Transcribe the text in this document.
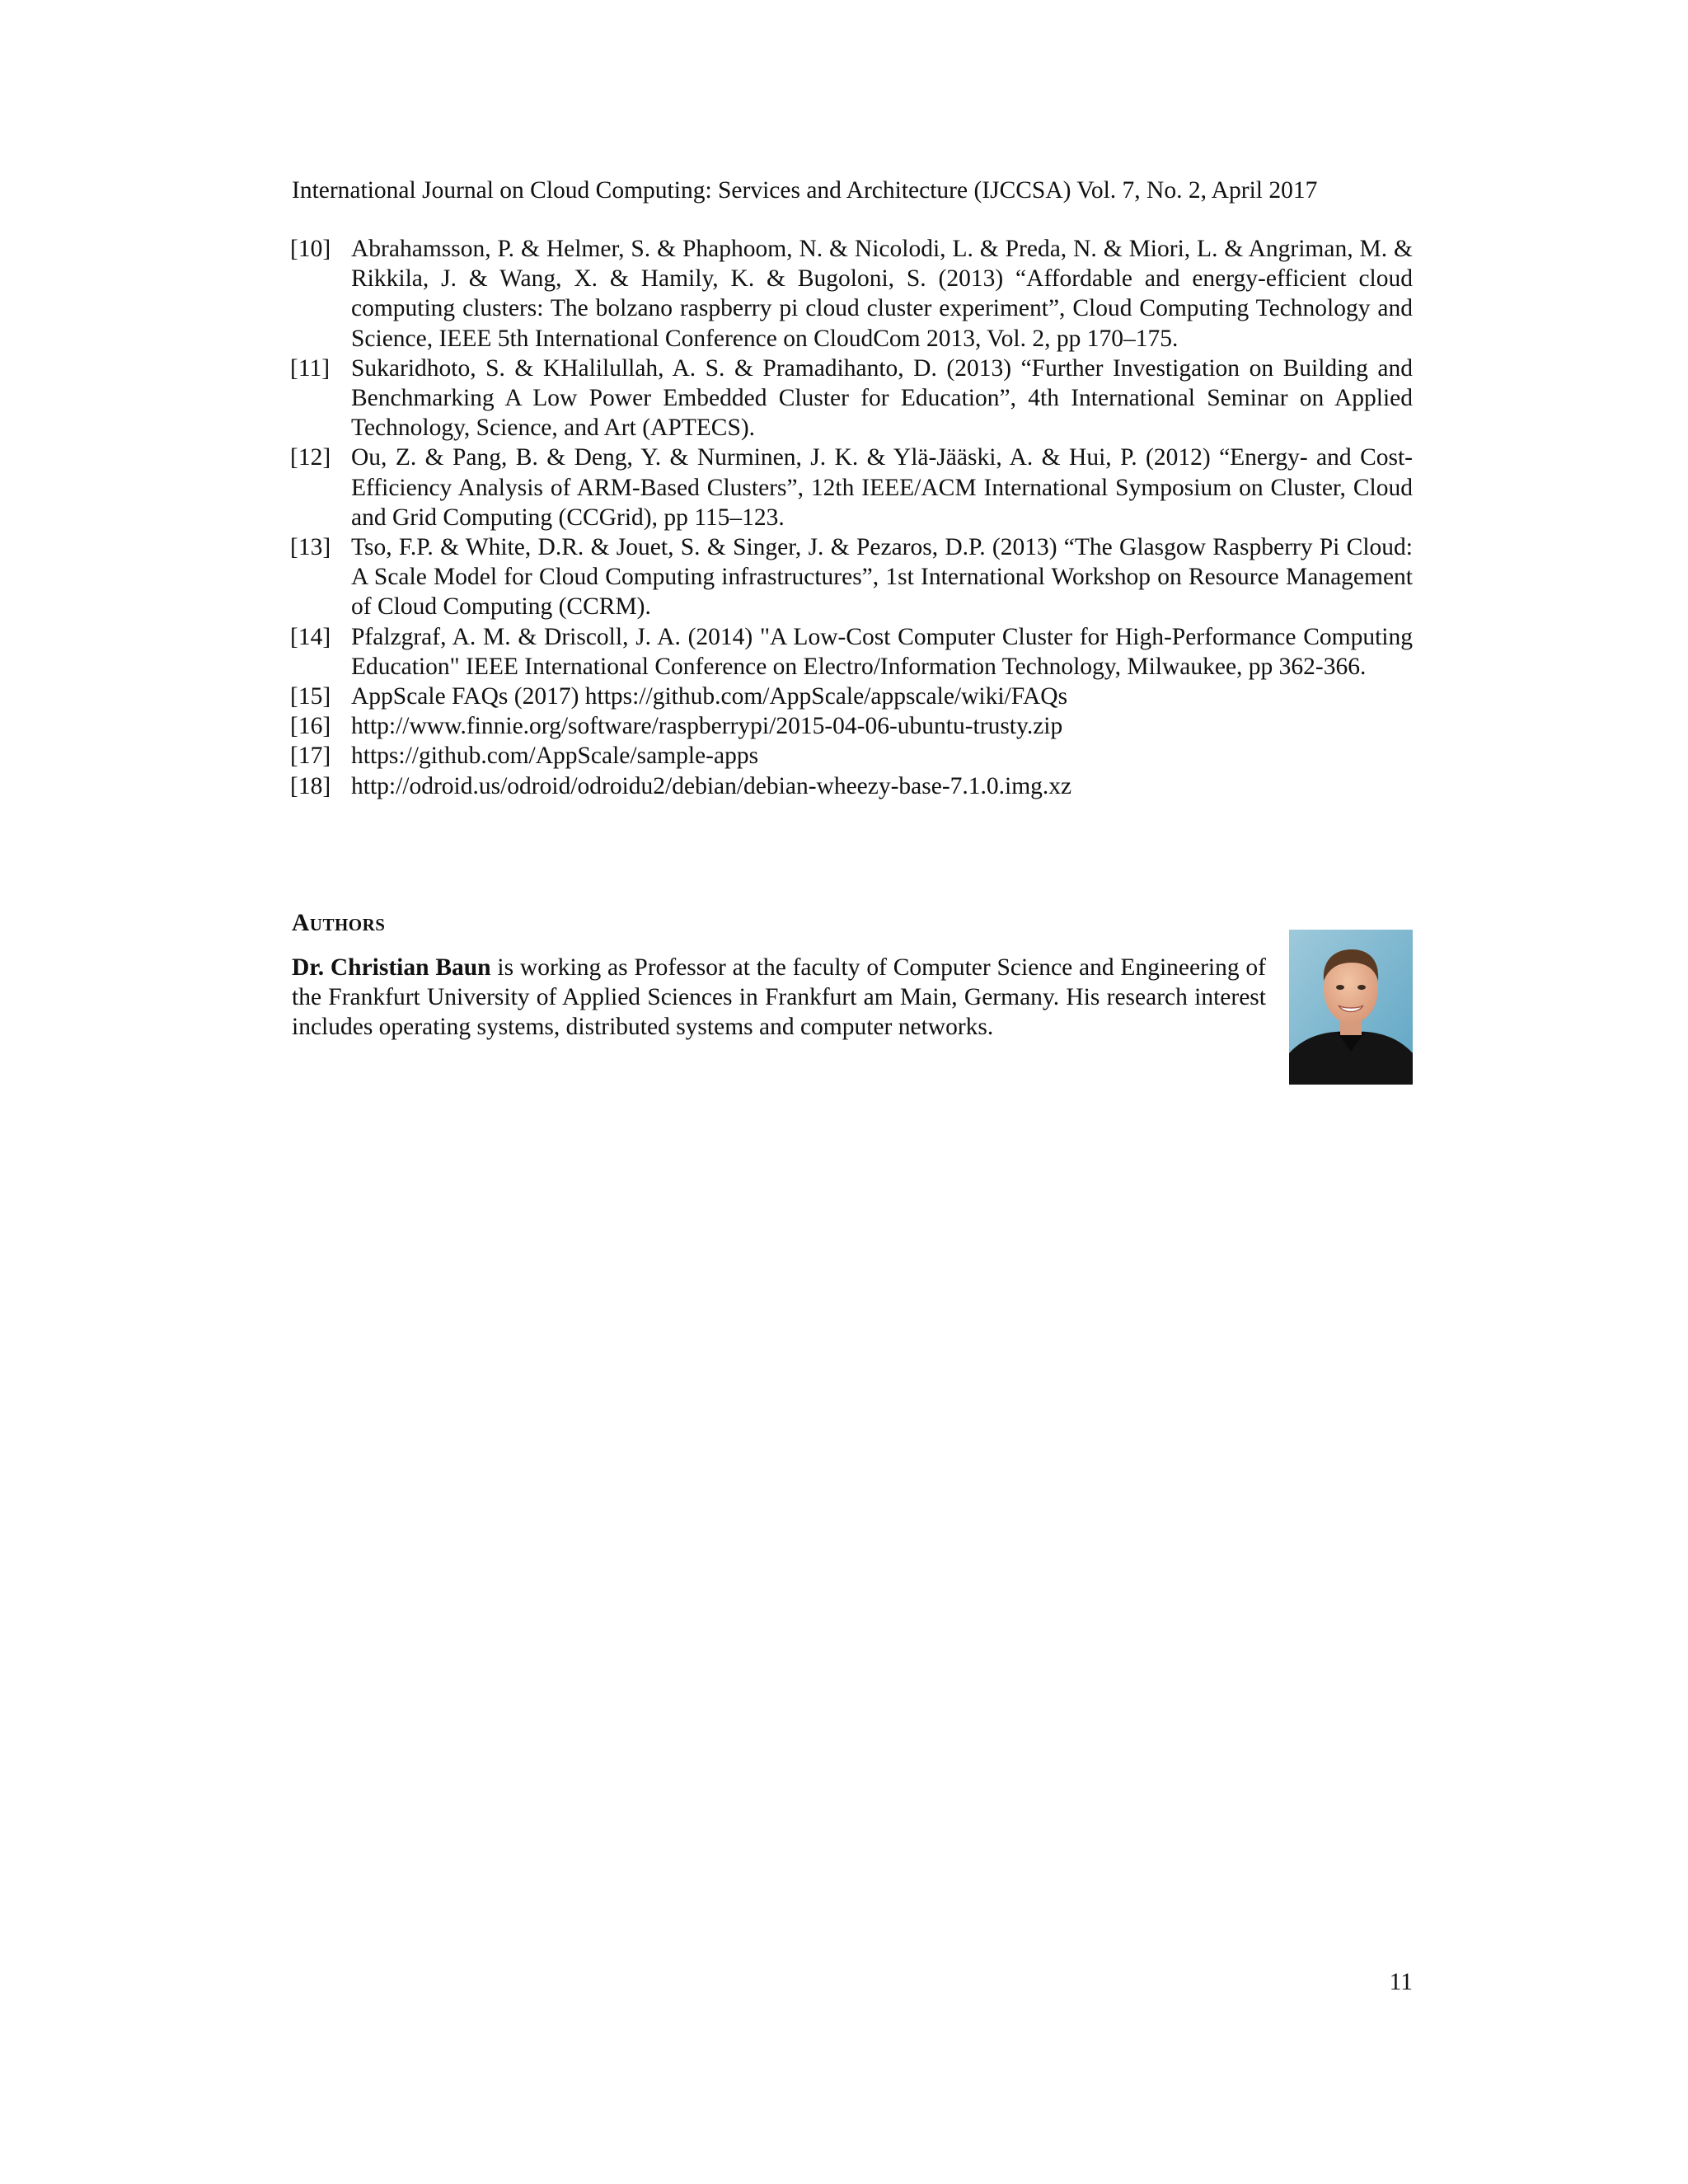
International Journal on Cloud Computing: Services and Architecture (IJCCSA) Vol. 7, No. 2, April 2017
[10] Abrahamsson, P. & Helmer, S. & Phaphoom, N. & Nicolodi, L. & Preda, N. & Miori, L. & Angriman, M. & Rikkila, J. & Wang, X. & Hamily, K. & Bugoloni, S. (2013) “Affordable and energy-efficient cloud computing clusters: The bolzano raspberry pi cloud cluster experiment”, Cloud Computing Technology and Science, IEEE 5th International Conference on CloudCom 2013, Vol. 2, pp 170–175.
[11] Sukaridhoto, S. & KHalilullah, A. S. & Pramadihanto, D. (2013) “Further Investigation on Building and Benchmarking A Low Power Embedded Cluster for Education”, 4th International Seminar on Applied Technology, Science, and Art (APTECS).
[12] Ou, Z. & Pang, B. & Deng, Y. & Nurminen, J. K. & Ylä-Jääski, A. & Hui, P. (2012) “Energy- and Cost-Efficiency Analysis of ARM-Based Clusters”, 12th IEEE/ACM International Symposium on Cluster, Cloud and Grid Computing (CCGrid), pp 115–123.
[13] Tso, F.P. & White, D.R. & Jouet, S. & Singer, J. & Pezaros, D.P. (2013) “The Glasgow Raspberry Pi Cloud: A Scale Model for Cloud Computing infrastructures”, 1st International Workshop on Resource Management of Cloud Computing (CCRM).
[14] Pfalzgraf, A. M. & Driscoll, J. A. (2014) "A Low-Cost Computer Cluster for High-Performance Computing Education" IEEE International Conference on Electro/Information Technology, Milwaukee, pp 362-366.
[15] AppScale FAQs (2017) https://github.com/AppScale/appscale/wiki/FAQs
[16] http://www.finnie.org/software/raspberrypi/2015-04-06-ubuntu-trusty.zip
[17] https://github.com/AppScale/sample-apps
[18] http://odroid.us/odroid/odroidu2/debian/debian-wheezy-base-7.1.0.img.xz
Authors
Dr. Christian Baun is working as Professor at the faculty of Computer Science and Engineering of the Frankfurt University of Applied Sciences in Frankfurt am Main, Germany. His research interest includes operating systems, distributed systems and computer networks.
11
